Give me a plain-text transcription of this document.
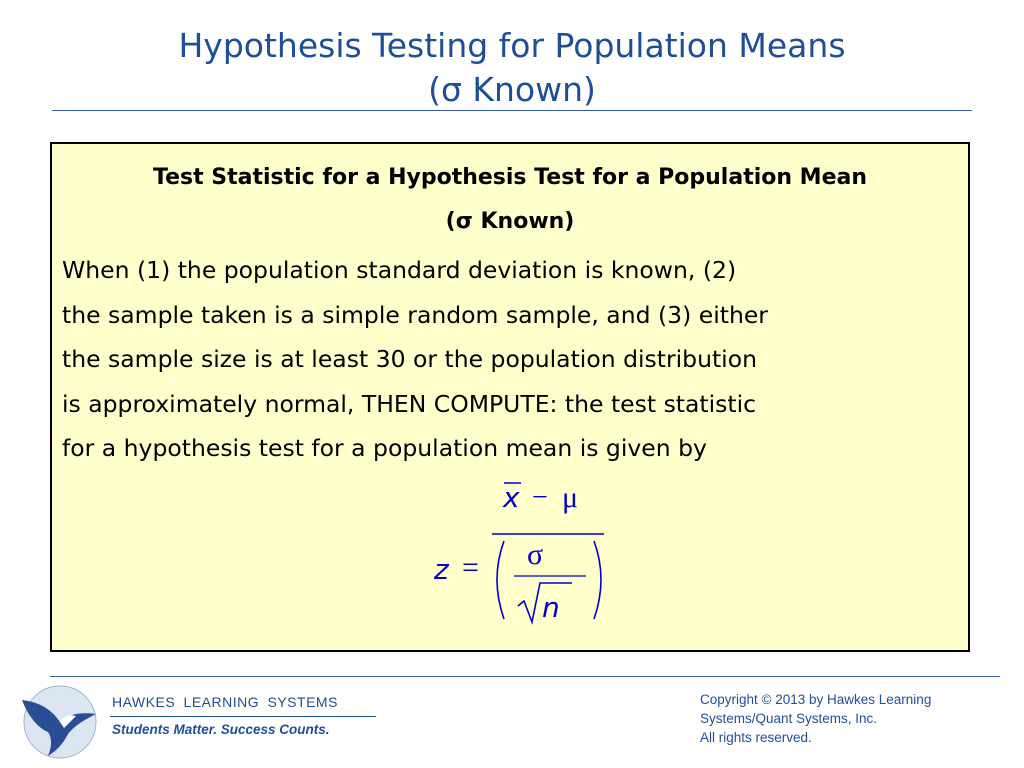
Hypothesis Testing for Population Means
(σ Known)
Test Statistic for a Hypothesis Test for a Population Mean
(σ Known)
When (1) the population standard deviation is known, (2)
the sample taken is a simple random sample, and (3) either
the sample size is at least 30 or the population distribution
is approximately normal, THEN COMPUTE: the test statistic
for a hypothesis test for a population mean is given by
z =
x − μ
σ
n
HAWKES LEARNING SYSTEMS
Students Matter. Success Counts.
Copyright © 2013 by Hawkes Learning
Systems/Quant Systems, Inc.
All rights reserved.
